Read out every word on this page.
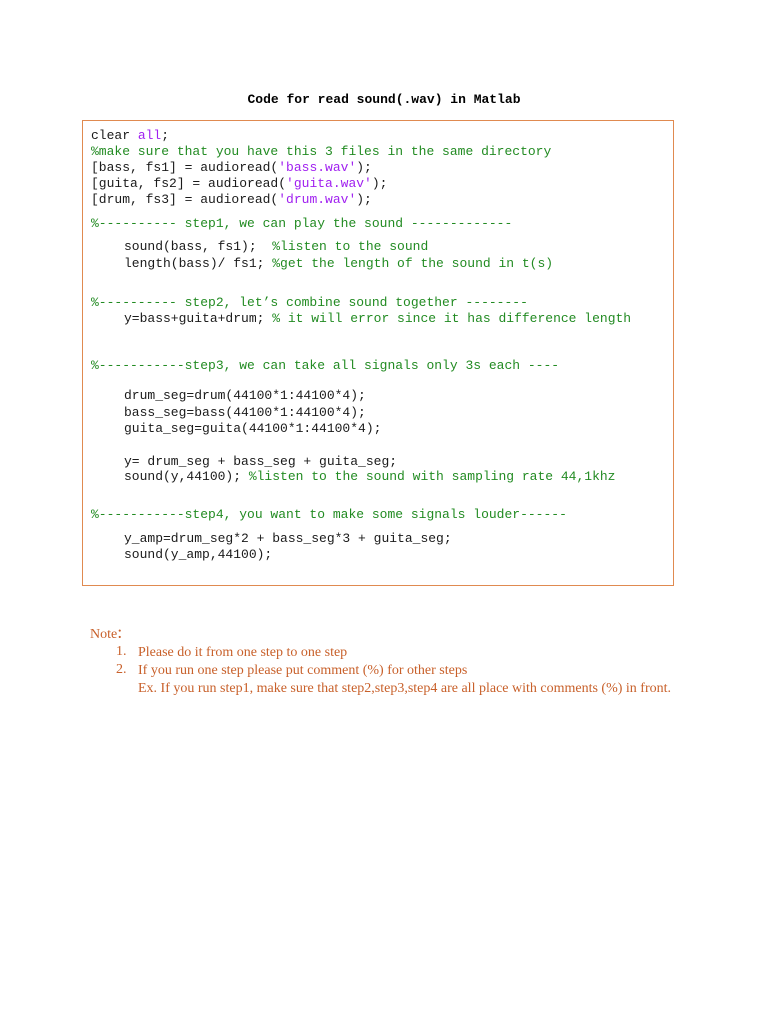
Code for read sound(.wav) in Matlab
clear all;
%make sure that you have this 3 files in the same directory
[bass, fs1] = audioread('bass.wav');
[guita, fs2] = audioread('guita.wav');
[drum, fs3] = audioread('drum.wav');
%---------- step1, we can play the sound -------------
sound(bass, fs1);  %listen to the sound
length(bass)/ fs1; %get the length of the sound in t(s)
%---------- step2, let’s combine sound together --------
y=bass+guita+drum; % it will error since it has difference length
%-----------step3, we can take all signals only 3s each ----
drum_seg=drum(44100*1:44100*4);
bass_seg=bass(44100*1:44100*4);
guita_seg=guita(44100*1:44100*4);
y= drum_seg + bass_seg + guita_seg;
sound(y,44100); %listen to the sound with sampling rate 44,1khz
%-----------step4, you want to make some signals louder------
y_amp=drum_seg*2 + bass_seg*3 + guita_seg;
sound(y_amp,44100);
Note:
1. Please do it from one step to one step
2. If you run one step please put comment (%) for other steps
Ex. If you run step1, make sure that step2,step3,step4 are all place with comments (%) in front.
